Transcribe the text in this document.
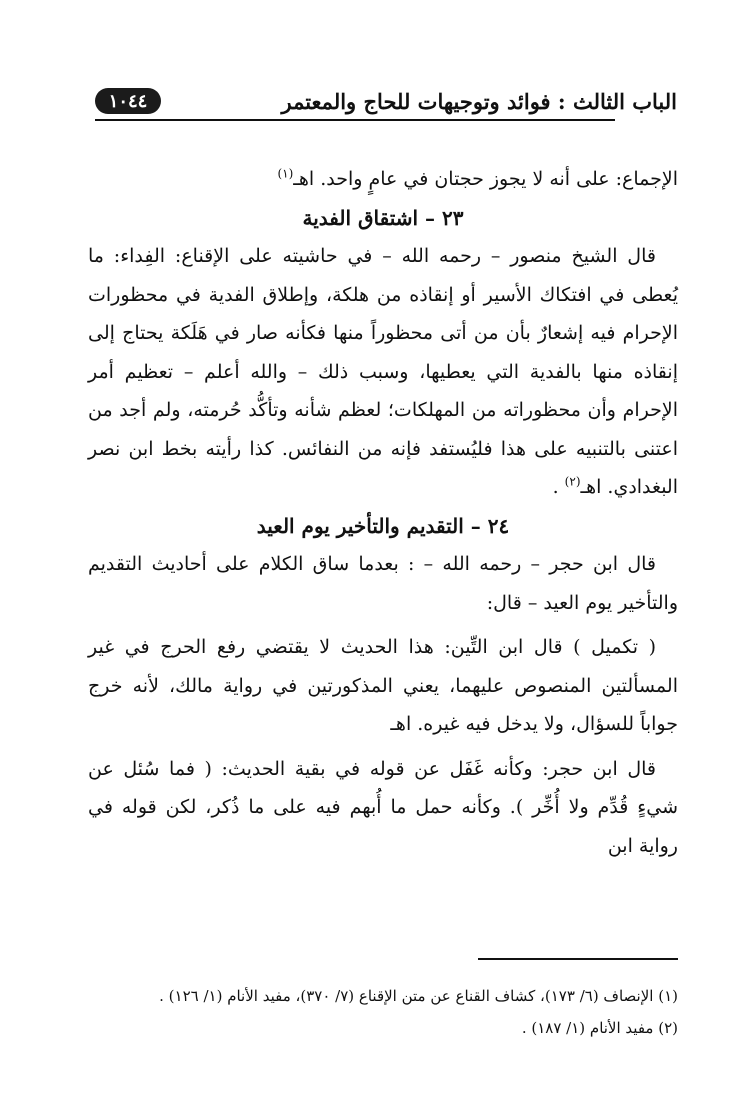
الباب الثالث : فوائد وتوجيهات للحاج والمعتمر
١٠٤٤

الإجماع: على أنه لا يجوز حجتان في عامٍ واحد. اهـ$^{(١)}$

٢٣ – اشتقاق الفدية

قال الشيخ منصور – رحمه الله – في حاشيته على الإقناع: الفِداء: ما يُعطى في افتكاك الأسير أو إنقاذه من هلكة، وإطلاق الفدية في محظورات الإحرام فيه إشعارٌ بأن من أتى محظوراً منها فكأنه صار في هَلَكة يحتاج إلى إنقاذه منها بالفدية التي يعطيها، وسبب ذلك – والله أعلم – تعظيم أمر الإحرام وأن محظوراته من المهلكات؛ لعظم شأنه وتأكُّد حُرمته، ولم أجد من اعتنى بالتنبيه على هذا فليُستفد فإنه من النفائس. كذا رأيته بخط ابن نصر البغدادي. اهـ$^{(٢)}$ .

٢٤ – التقديم والتأخير يوم العيد

قال ابن حجر – رحمه الله – : بعدما ساق الكلام على أحاديث التقديم والتأخير يوم العيد – قال:

( تكميل ) قال ابن التِّين: هذا الحديث لا يقتضي رفع الحرج في غير المسألتين المنصوص عليهما، يعني المذكورتين في رواية مالك، لأنه خرج جواباً للسؤال، ولا يدخل فيه غيره. اهـ

قال ابن حجر: وكأنه غَفَل عن قوله في بقية الحديث: ( فما سُئل عن شيءٍ قُدِّم ولا أُخِّر ). وكأنه حمل ما أُبهم فيه على ما ذُكر، لكن قوله في رواية ابن

(١) الإنصاف (٦/ ١٧٣)، كشاف القناع عن متن الإقناع (٧/ ٣٧٠)، مفيد الأنام (١/ ١٢٦) .

(٢) مفيد الأنام (١/ ١٨٧) .
